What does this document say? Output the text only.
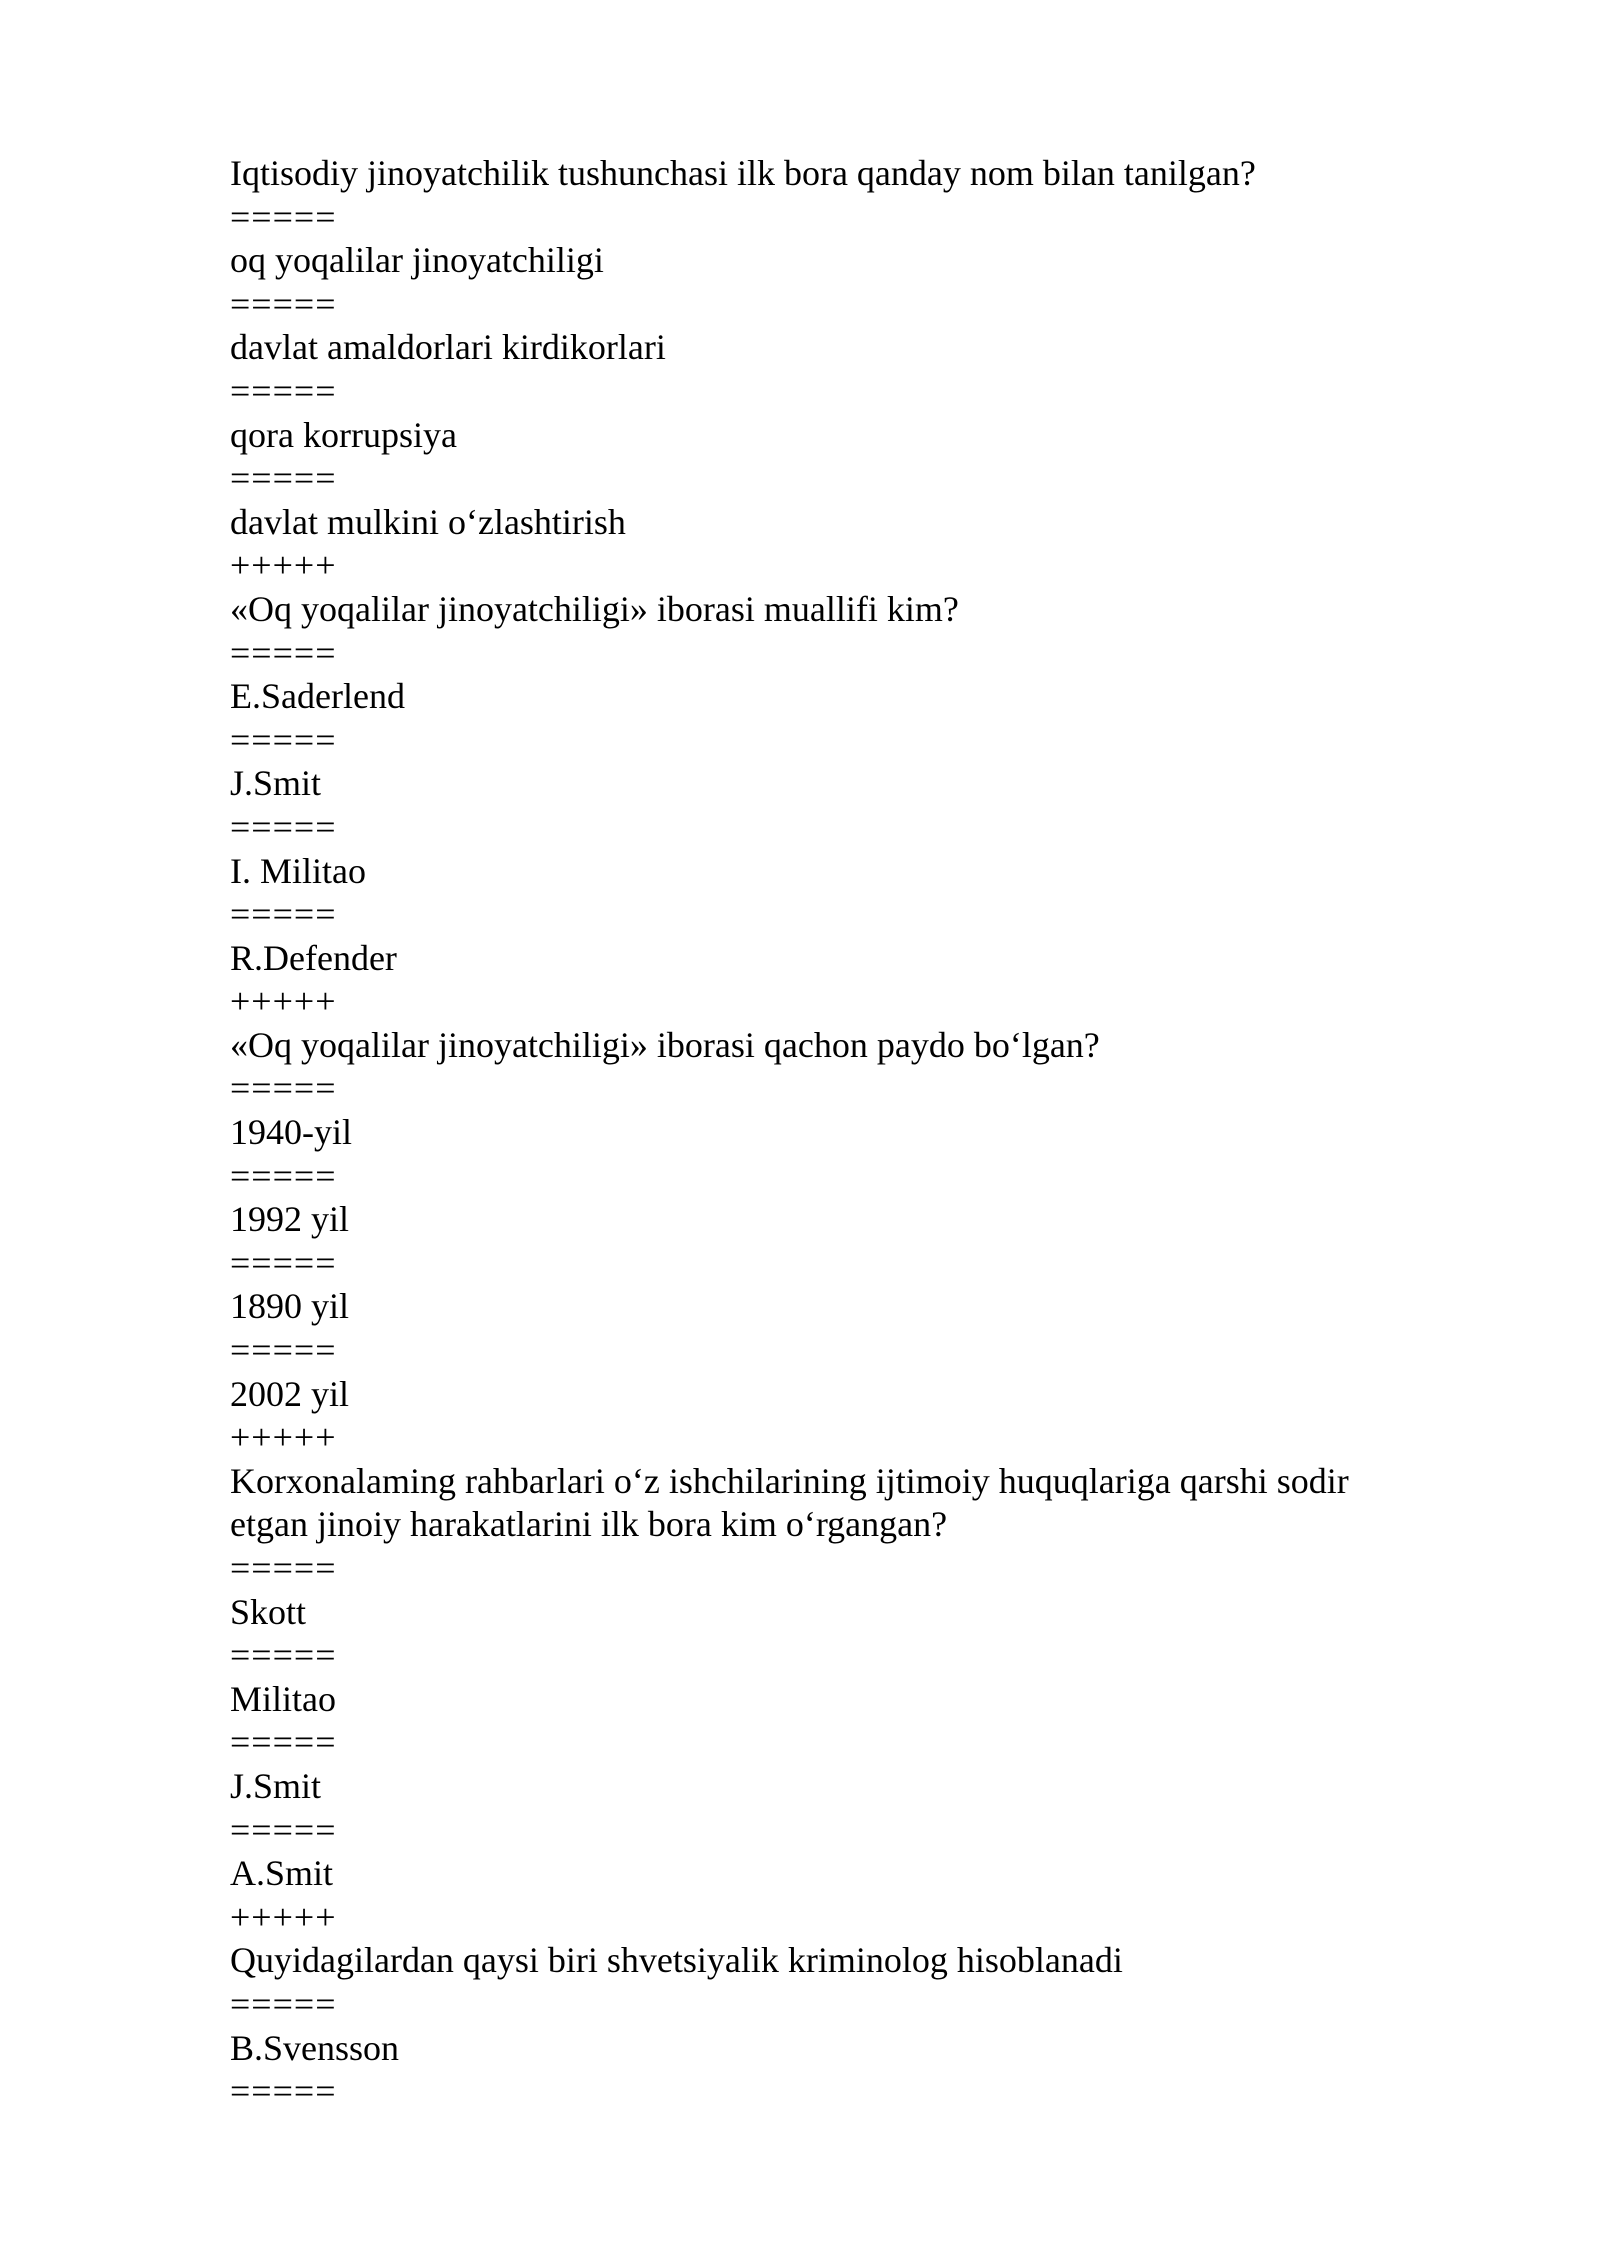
Iqtisodiy jinoyatchilik tushunchasi ilk bora qanday nom bilan tanilgan?

=====

oq yoqalilar jinoyatchiligi

=====

davlat amaldorlari kirdikorlari

=====

qora korrupsiya

=====

davlat mulkini o‘zlashtirish

+++++

«Oq yoqalilar jinoyatchiligi» iborasi muallifi kim?

=====

E.Saderlend

=====

J.Smit

=====

I. Militao

=====

R.Defender

+++++

«Oq yoqalilar jinoyatchiligi» iborasi qachon paydo bo‘lgan?

=====

1940-yil

=====

1992 yil

=====

1890 yil

=====

2002 yil

+++++

Korxonalaming rahbarlari o‘z ishchilarining ijtimoiy huquqlariga qarshi sodir etgan jinoiy harakatlarini ilk bora kim o‘rgangan?

=====

Skott

=====

Militao

=====

J.Smit

=====

A.Smit

+++++

Quyidagilardan qaysi biri shvetsiyalik kriminolog hisoblanadi

=====

B.Svensson

=====
